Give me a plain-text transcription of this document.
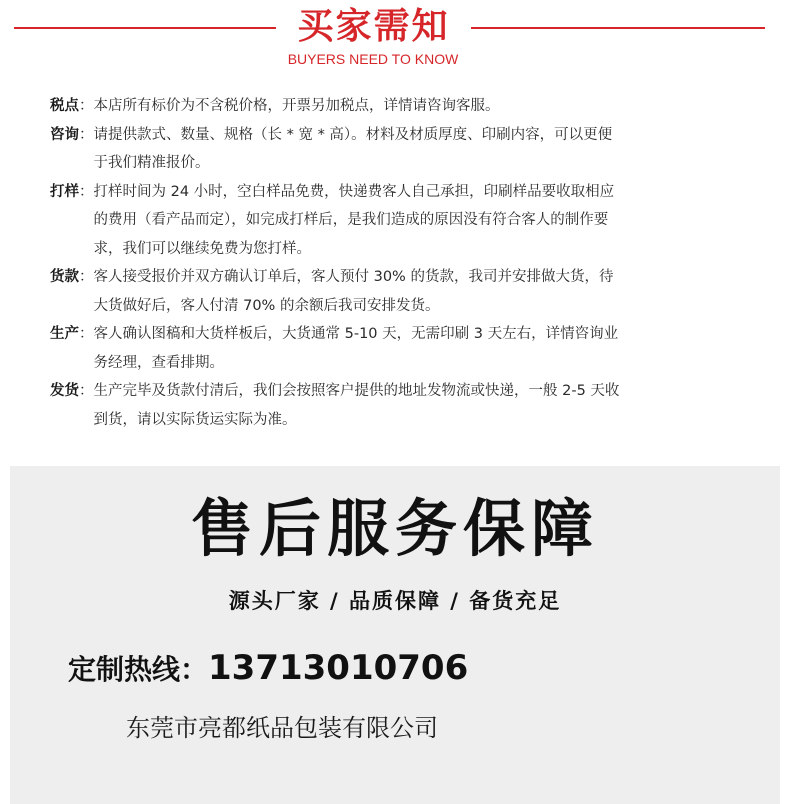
买家需知
BUYERS NEED TO KNOW
税点 ： 本店所有标价为不含税价格，开票另加税点，详情请咨询客服。
咨询 ： 请提供款式、数量、规格（长 * 宽 * 高）。材料及材质厚度、印刷内容，可以更便
于我们精准报价。
打样 ： 打样时间为 24 小时，空白样品免费，快递费客人自己承担，印刷样品要收取相应
的费用（看产品而定），如完成打样后，是我们造成的原因没有符合客人的制作要
求，我们可以继续免费为您打样。
货款 ： 客人接受报价并双方确认订单后，客人预付 30% 的货款，我司并安排做大货，待
大货做好后，客人付清 70% 的余额后我司安排发货。
生产 ： 客人确认图稿和大货样板后，大货通常 5-10 天，无需印刷 3 天左右，详情咨询业
务经理，查看排期。
发货 ： 生产完毕及货款付清后，我们会按照客户提供的地址发物流或快递，一般 2-5 天收
到货，请以实际货运实际为准。
售后服务保障
源头厂家 / 品质保障 / 备货充足
定制热线：13713010706
东莞市亮都纸品包装有限公司
